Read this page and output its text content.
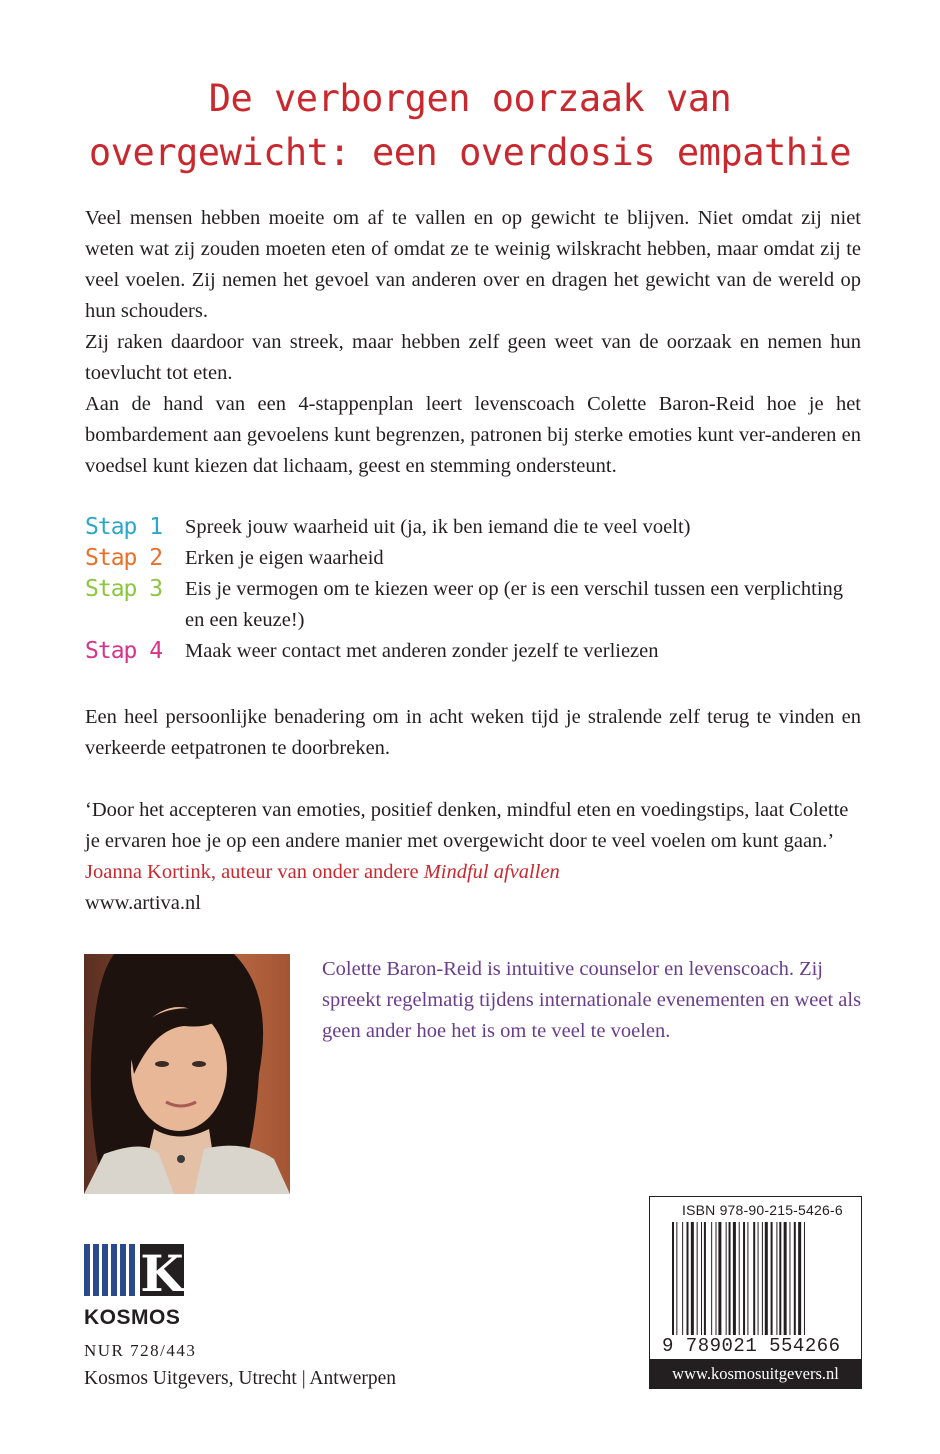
De verborgen oorzaak van
overgewicht: een overdosis empathie

Veel mensen hebben moeite om af te vallen en op gewicht te blijven. Niet omdat zij niet weten wat zij zouden moeten eten of omdat ze te weinig wilskracht hebben, maar omdat zij te veel voelen. Zij nemen het gevoel van anderen over en dragen het gewicht van de wereld op hun schouders.

Zij raken daardoor van streek, maar hebben zelf geen weet van de oorzaak en nemen hun toevlucht tot eten.

Aan de hand van een 4-stappenplan leert levenscoach Colette Baron-Reid hoe je het bombardement aan gevoelens kunt begrenzen, patronen bij sterke emoties kunt ver-anderen en voedsel kunt kiezen dat lichaam, geest en stemming ondersteunt.

Stap 1	Spreek jouw waarheid uit (ja, ik ben iemand die te veel voelt)
Stap 2	Erken je eigen waarheid
Stap 3	Eis je vermogen om te kiezen weer op (er is een verschil tussen een verplichting en een keuze!)
Stap 4	Maak weer contact met anderen zonder jezelf te verliezen
Een heel persoonlijke benadering om in acht weken tijd je stralende zelf terug te vinden en verkeerde eetpatronen te doorbreken.
‘Door het accepteren van emoties, positief denken, mindful eten en voedingstips, laat Colette je ervaren hoe je op een andere manier met overgewicht door te veel voelen om kunt gaan.’ Joanna Kortink, auteur van onder andere Mindful afvallen
www.artiva.nl
Colette Baron-Reid is intuitive counselor en levenscoach. Zij spreekt regelmatig tijdens internationale evenementen en weet als geen ander hoe het is om te veel te voelen.
K
KOSMOS
NUR 728/443
Kosmos Uitgevers, Utrecht | Antwerpen
ISBN 978-90-215-5426-6
9 789021 554266
www.kosmosuitgevers.nl
